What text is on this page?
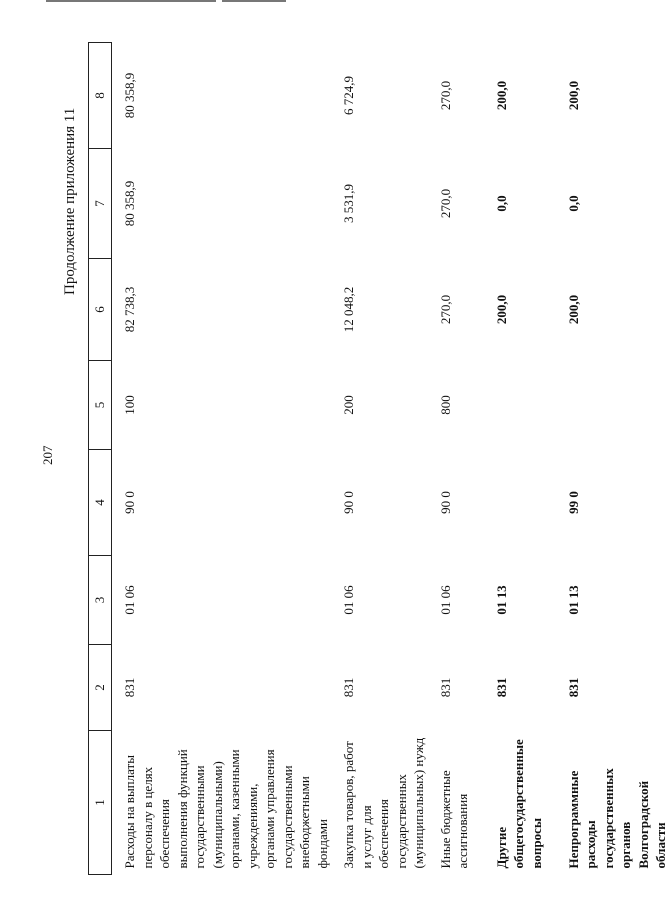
207
Продолжение приложения 11
1	2	3	4	5	6	7	8
Расходы на выплаты персоналу в целях обеспечения выполнения функций государственными (муниципальными) органами, казенными учреждениями, органами управления государственными внебюджетными фондами	831	01 06	90 0	100	82 738,3	80 358,9	80 358,9
Закупка товаров, работ и услуг для обеспечения государственных (муниципальных) нужд	831	01 06	90 0	200	12 048,2	3 531,9	6 724,9
Иные бюджетные ассигнования	831	01 06	90 0	800	270,0	270,0	270,0
Другие общегосударственные вопросы	831	01 13			200,0	0,0	200,0
Непрограммные расходы государственных органов Волгоградской области	831	01 13	99 0		200,0	0,0	200,0
